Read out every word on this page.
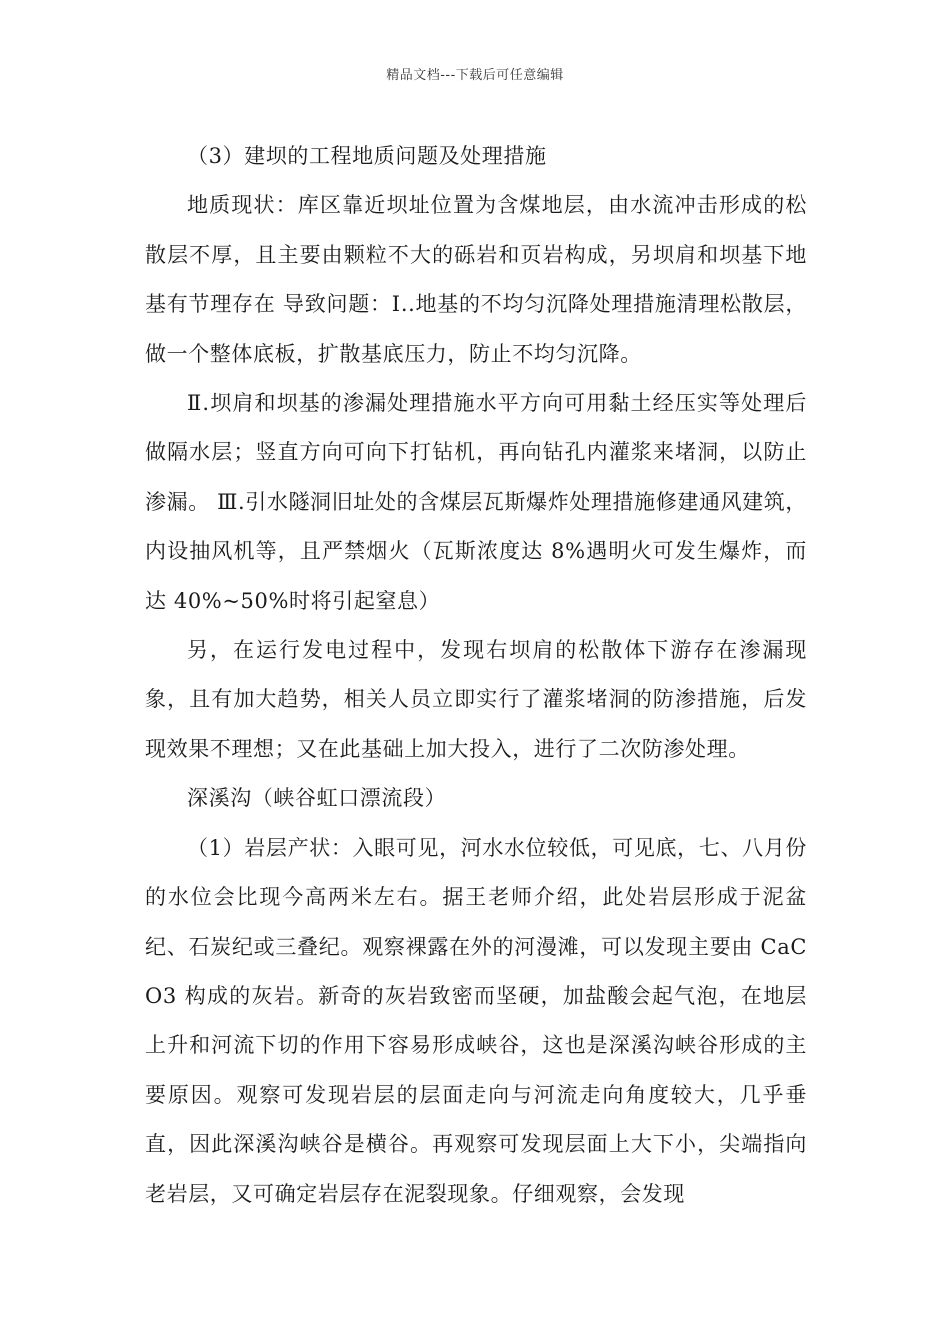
精品文档---下载后可任意编辑

（3）建坝的工程地质问题及处理措施

地质现状：库区靠近坝址位置为含煤地层，由水流冲击形成的松散层不厚，且主要由颗粒不大的砾岩和页岩构成，另坝肩和坝基下地基有节理存在 导致问题：Ⅰ..地基的不均匀沉降处理措施清理松散层，做一个整体底板，扩散基底压力，防止不均匀沉降。

Ⅱ.坝肩和坝基的渗漏处理措施水平方向可用黏土经压实等处理后做隔水层；竖直方向可向下打钻机，再向钻孔内灌浆来堵洞，以防止渗漏。 Ⅲ.引水隧洞旧址处的含煤层瓦斯爆炸处理措施修建通风建筑，内设抽风机等，且严禁烟火（瓦斯浓度达 8%遇明火可发生爆炸，而达 40%~50%时将引起窒息）

另，在运行发电过程中，发现右坝肩的松散体下游存在渗漏现象，且有加大趋势，相关人员立即实行了灌浆堵洞的防渗措施，后发现效果不理想；又在此基础上加大投入，进行了二次防渗处理。

深溪沟（峡谷虹口漂流段）

（1）岩层产状：入眼可见，河水水位较低，可见底，七、八月份的水位会比现今高两米左右。据王老师介绍，此处岩层形成于泥盆纪、石炭纪或三叠纪。观察裸露在外的河漫滩，可以发现主要由 CaCO3 构成的灰岩。新奇的灰岩致密而坚硬，加盐酸会起气泡，在地层上升和河流下切的作用下容易形成峡谷，这也是深溪沟峡谷形成的主要原因。观察可发现岩层的层面走向与河流走向角度较大，几乎垂直，因此深溪沟峡谷是横谷。再观察可发现层面上大下小，尖端指向老岩层，又可确定岩层存在泥裂现象。仔细观察，会发现
